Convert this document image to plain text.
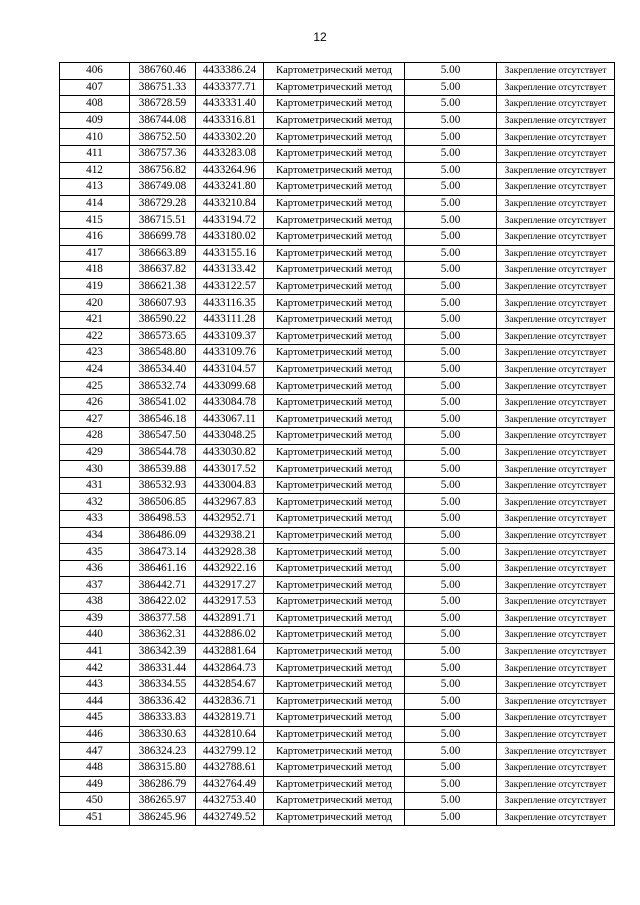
12
406	386760.46	4433386.24	Картометрический метод	5.00	Закрепление отсутствует
407	386751.33	4433377.71	Картометрический метод	5.00	Закрепление отсутствует
408	386728.59	4433331.40	Картометрический метод	5.00	Закрепление отсутствует
409	386744.08	4433316.81	Картометрический метод	5.00	Закрепление отсутствует
410	386752.50	4433302.20	Картометрический метод	5.00	Закрепление отсутствует
411	386757.36	4433283.08	Картометрический метод	5.00	Закрепление отсутствует
412	386756.82	4433264.96	Картометрический метод	5.00	Закрепление отсутствует
413	386749.08	4433241.80	Картометрический метод	5.00	Закрепление отсутствует
414	386729.28	4433210.84	Картометрический метод	5.00	Закрепление отсутствует
415	386715.51	4433194.72	Картометрический метод	5.00	Закрепление отсутствует
416	386699.78	4433180.02	Картометрический метод	5.00	Закрепление отсутствует
417	386663.89	4433155.16	Картометрический метод	5.00	Закрепление отсутствует
418	386637.82	4433133.42	Картометрический метод	5.00	Закрепление отсутствует
419	386621.38	4433122.57	Картометрический метод	5.00	Закрепление отсутствует
420	386607.93	4433116.35	Картометрический метод	5.00	Закрепление отсутствует
421	386590.22	4433111.28	Картометрический метод	5.00	Закрепление отсутствует
422	386573.65	4433109.37	Картометрический метод	5.00	Закрепление отсутствует
423	386548.80	4433109.76	Картометрический метод	5.00	Закрепление отсутствует
424	386534.40	4433104.57	Картометрический метод	5.00	Закрепление отсутствует
425	386532.74	4433099.68	Картометрический метод	5.00	Закрепление отсутствует
426	386541.02	4433084.78	Картометрический метод	5.00	Закрепление отсутствует
427	386546.18	4433067.11	Картометрический метод	5.00	Закрепление отсутствует
428	386547.50	4433048.25	Картометрический метод	5.00	Закрепление отсутствует
429	386544.78	4433030.82	Картометрический метод	5.00	Закрепление отсутствует
430	386539.88	4433017.52	Картометрический метод	5.00	Закрепление отсутствует
431	386532.93	4433004.83	Картометрический метод	5.00	Закрепление отсутствует
432	386506.85	4432967.83	Картометрический метод	5.00	Закрепление отсутствует
433	386498.53	4432952.71	Картометрический метод	5.00	Закрепление отсутствует
434	386486.09	4432938.21	Картометрический метод	5.00	Закрепление отсутствует
435	386473.14	4432928.38	Картометрический метод	5.00	Закрепление отсутствует
436	386461.16	4432922.16	Картометрический метод	5.00	Закрепление отсутствует
437	386442.71	4432917.27	Картометрический метод	5.00	Закрепление отсутствует
438	386422.02	4432917.53	Картометрический метод	5.00	Закрепление отсутствует
439	386377.58	4432891.71	Картометрический метод	5.00	Закрепление отсутствует
440	386362.31	4432886.02	Картометрический метод	5.00	Закрепление отсутствует
441	386342.39	4432881.64	Картометрический метод	5.00	Закрепление отсутствует
442	386331.44	4432864.73	Картометрический метод	5.00	Закрепление отсутствует
443	386334.55	4432854.67	Картометрический метод	5.00	Закрепление отсутствует
444	386336.42	4432836.71	Картометрический метод	5.00	Закрепление отсутствует
445	386333.83	4432819.71	Картометрический метод	5.00	Закрепление отсутствует
446	386330.63	4432810.64	Картометрический метод	5.00	Закрепление отсутствует
447	386324.23	4432799.12	Картометрический метод	5.00	Закрепление отсутствует
448	386315.80	4432788.61	Картометрический метод	5.00	Закрепление отсутствует
449	386286.79	4432764.49	Картометрический метод	5.00	Закрепление отсутствует
450	386265.97	4432753.40	Картометрический метод	5.00	Закрепление отсутствует
451	386245.96	4432749.52	Картометрический метод	5.00	Закрепление отсутствует
